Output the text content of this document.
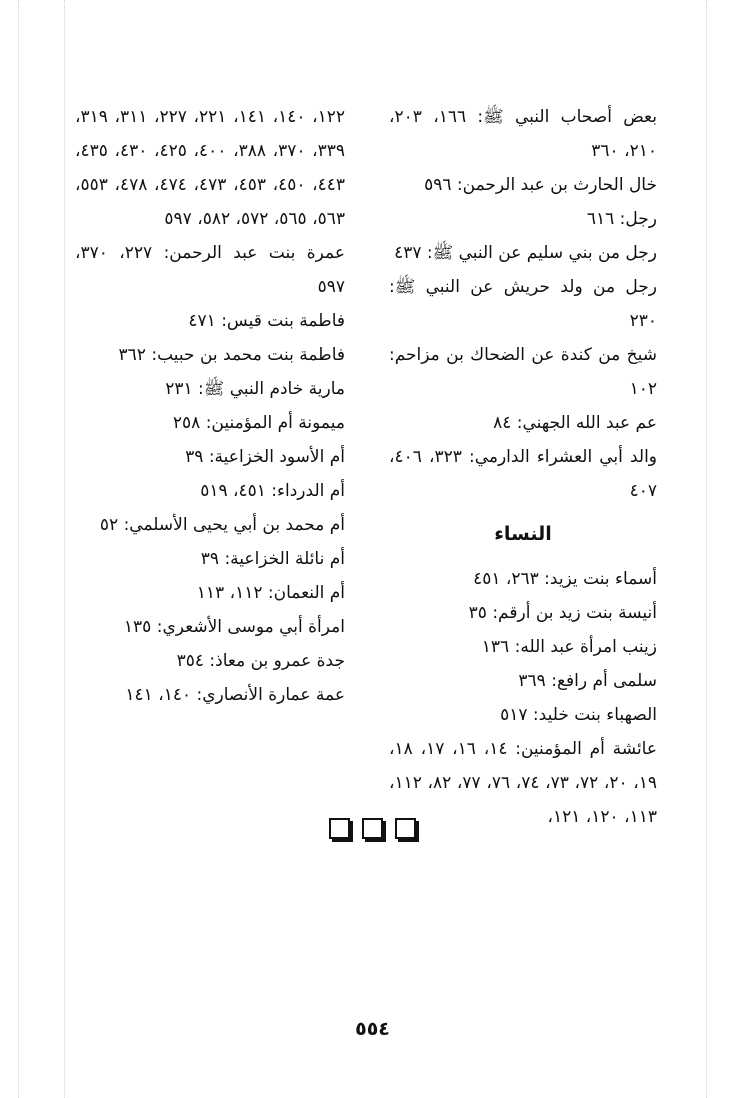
بعض أصحاب النبي ﷺ: ١٦٦، ٢٠٣، ٢١٠، ٣٦٠

خال الحارث بن عبد الرحمن: ٥٩٦

رجل: ٦١٦

رجل من بني سليم عن النبي ﷺ: ٤٣٧

رجل من ولد حريش عن النبي ﷺ: ٢٣٠

شيخ من كندة عن الضحاك بن مزاحم: ١٠٢

عم عبد الله الجهني: ٨٤

والد أبي العشراء الدارمي: ٣٢٣، ٤٠٦، ٤٠٧

النساء

أسماء بنت يزيد: ٢٦٣، ٤٥١

أنيسة بنت زيد بن أرقم: ٣٥

زينب امرأة عبد الله: ١٣٦

سلمى أم رافع: ٣٦٩

الصهباء بنت خليد: ٥١٧

عائشة أم المؤمنين: ١٤، ١٦، ١٧، ١٨، ١٩، ٢٠، ٧٢، ٧٣، ٧٤، ٧٦، ٧٧، ٨٢، ١١٢، ١١٣، ١٢٠، ١٢١،

١٢٢، ١٤٠، ١٤١، ٢٢١، ٢٢٧، ٣١١، ٣١٩، ٣٣٩، ٣٧٠، ٣٨٨، ٤٠٠، ٤٢٥، ٤٣٠، ٤٣٥، ٤٤٣، ٤٥٠، ٤٥٣، ٤٧٣، ٤٧٤، ٤٧٨، ٥٥٣، ٥٦٣، ٥٦٥، ٥٧٢، ٥٨٢، ٥٩٧

عمرة بنت عبد الرحمن: ٢٢٧، ٣٧٠، ٥٩٧

فاطمة بنت قيس: ٤٧١

فاطمة بنت محمد بن حبيب: ٣٦٢

مارية خادم النبي ﷺ: ٢٣١

ميمونة أم المؤمنين: ٢٥٨

أم الأسود الخزاعية: ٣٩

أم الدرداء: ٤٥١، ٥١٩

أم محمد بن أبي يحيى الأسلمي: ٥٢

أم نائلة الخزاعية: ٣٩

أم النعمان: ١١٢، ١١٣

امرأة أبي موسى الأشعري: ١٣٥

جدة عمرو بن معاذ: ٣٥٤

عمة عمارة الأنصاري: ١٤٠، ١٤١

٥٥٤
